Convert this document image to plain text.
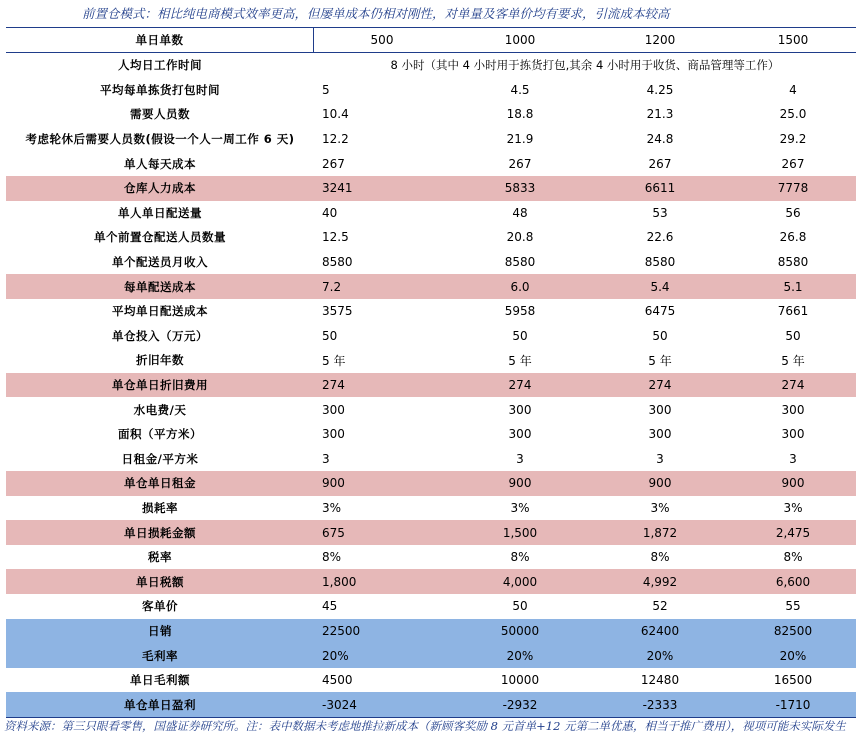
前置仓模式：相比纯电商模式效率更高，但屡单成本仍相对刚性，对单量及客单价均有要求，引流成本较高
单日单数	500	1000	1200	1500
人均日工作时间	8 小时（其中 4 小时用于拣货打包,其余 4 小时用于收货、商品管理等工作）
平均每单拣货打包时间	5	4.5	4.25	4
需要人员数	10.4	18.8	21.3	25.0
考虑轮休后需要人员数(假设一个人一周工作 6 天)	12.2	21.9	24.8	29.2
单人每天成本	267	267	267	267
仓库人力成本	3241	5833	6611	7778
单人单日配送量	40	48	53	56
单个前置仓配送人员数量	12.5	20.8	22.6	26.8
单个配送员月收入	8580	8580	8580	8580
每单配送成本	7.2	6.0	5.4	5.1
平均单日配送成本	3575	5958	6475	7661
单仓投入（万元）	50	50	50	50
折旧年数	5 年	5 年	5 年	5 年
单仓单日折旧费用	274	274	274	274
水电费/天	300	300	300	300
面积（平方米）	300	300	300	300
日租金/平方米	3	3	3	3
单仓单日租金	900	900	900	900
损耗率	3%	3%	3%	3%
单日损耗金额	675	1,500	1,872	2,475
税率	8%	8%	8%	8%
单日税额	1,800	4,000	4,992	6,600
客单价	45	50	52	55
日销	22500	50000	62400	82500
毛利率	20%	20%	20%	20%
单日毛利额	4500	10000	12480	16500
单仓单日盈利	-3024	-2932	-2333	-1710
资料来源：第三只眼看零售，国盛证券研究所。注：表中数据未考虑地推拉新成本（新顾客奖励 8 元首单+12 元第二单优惠，相当于推广费用），视项可能未实际发生
